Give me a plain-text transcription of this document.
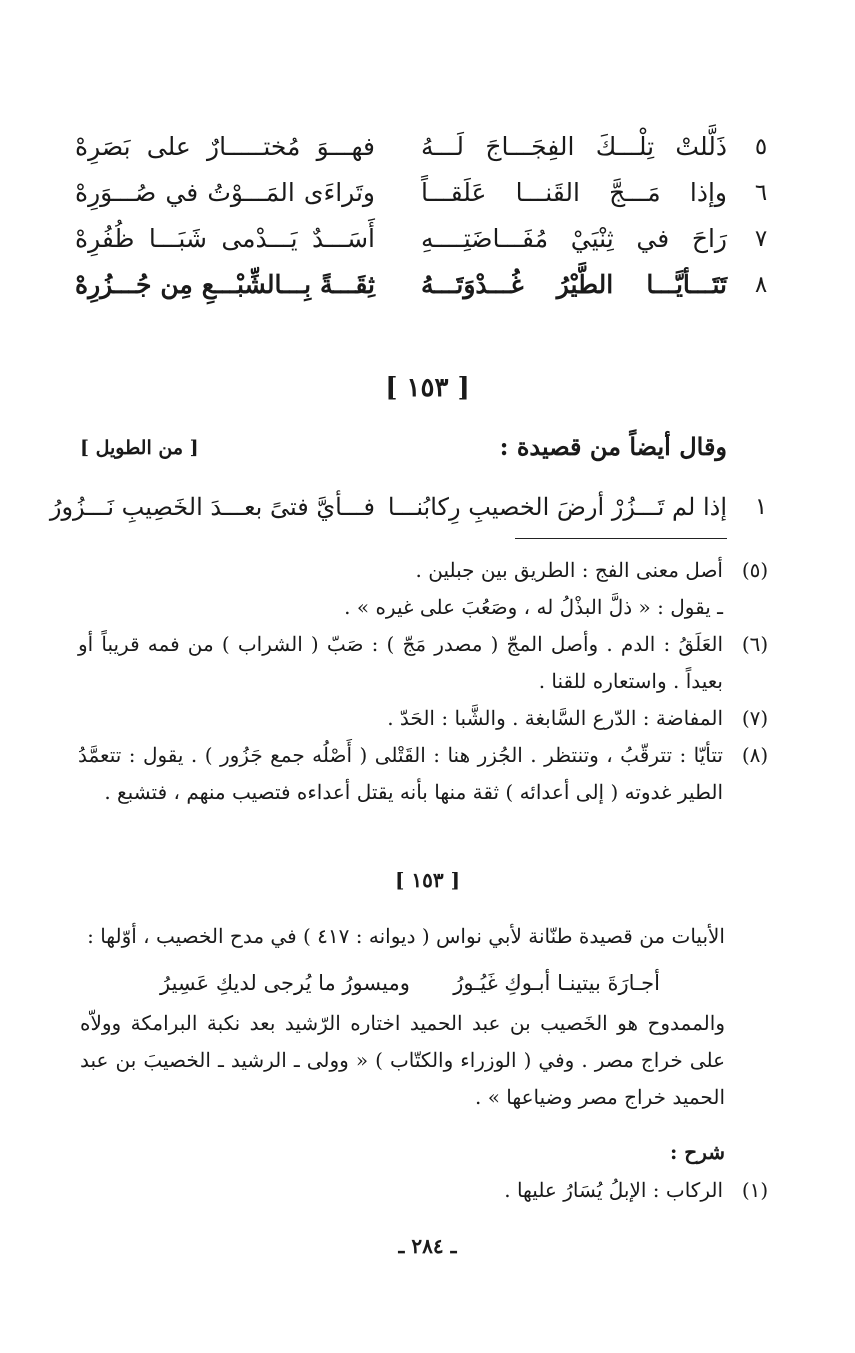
٥
ذَلَّلتْ تِلْـــكَ الفِجَـــاجَ لَـــهُ
فهـــوَ مُختـــــارٌ على بَصَرِهْ
٦
وإذا مَـــجَّ القَنـــا عَلَقـــاً
وتَراءَى المَـــوْتُ في صُـــوَرِهْ
٧
رَاحَ في ثِنْيَيْ مُفَـــاضَتِــــهِ
أَسَـــدٌ يَـــدْمى شَبَـــا ظُفُرِهْ
٨
تَتَـــأيَّـــا الطَّيْرُ غُـــدْوَتَـــهُ
ثِقَـــةً بِـــالشِّبْـــعِ مِن جُـــزُرِهْ
[ ١٥٣ ]
وقال أيضاً من قصيدة :
[ من الطويل ]
١
إذا لم تَـــزُرْ أرضَ الخصيبِ رِكابُنـــا
فـــأيَّ فتىً بعـــدَ الخَصِيبِ نَـــزُورُ
(٥)
أصل معنى الفج : الطريق بين جبلين .
ـ يقول : « ذلَّ البذْلُ له ، وصَعُبَ على غيره » .
(٦)
العَلَقُ : الدم . وأصل المجّ ( مصدر مَجّ ) : صَبّ ( الشراب ) من فمه قريباً أو بعيداً . واستعاره للقنا .
(٧)
المفاضة : الدّرع السَّابغة . والشَّبا : الحَدّ .
(٨)
تتأيّا : تترقّبُ ، وتنتظر . الجُزر هنا : القَتْلى ( أَصْلُه جمع جَزُور ) . يقول : تتعمَّدُ الطير غدوته ( إلى أعدائه ) ثقة منها بأنه يقتل أعداءه فتصيب منهم ، فتشبع .
[ ١٥٣ ]
الأبيات من قصيدة طنّانة لأبي نواس ( ديوانه : ٤١٧ ) في مدح الخصيب ، أوّلها :
أجـارَةَ بيتينـا أبـوكِ غَيُـورُ
وميسورُ ما يُرجى لديكِ عَسِيرُ
والممدوح هو الخَصيب بن عبد الحميد اختاره الرّشيد بعد نكبة البرامكة وولاّه على خراج مصر . وفي ( الوزراء والكتّاب ) « وولى ـ الرشيد ـ الخصيبَ بن عبد الحميد خراج مصر وضياعها » .
شرح :
(١)
الركاب : الإبلُ يُسَارُ عليها .
ـ ٢٨٤ ـ
